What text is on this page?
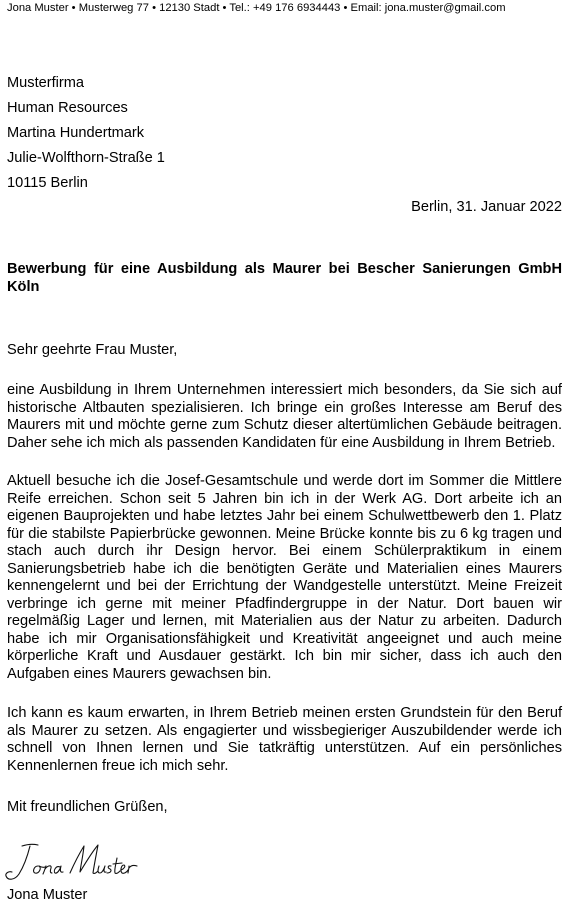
Jona Muster • Musterweg 77 • 12130 Stadt • Tel.: +49 176 6934443 • Email: jona.muster@gmail.com
Musterfirma
Human Resources
Martina Hundertmark
Julie-Wolfthorn-Straße 1
10115 Berlin
Berlin, 31. Januar 2022
Bewerbung für eine Ausbildung als Maurer bei Bescher Sanierungen GmbH Köln
Sehr geehrte Frau Muster,

eine Ausbildung in Ihrem Unternehmen interessiert mich besonders, da Sie sich auf historische Altbauten spezialisieren. Ich bringe ein großes Interesse am Beruf des Maurers mit und möchte gerne zum Schutz dieser altertümlichen Gebäude beitragen. Daher sehe ich mich als passenden Kandidaten für eine Ausbildung in Ihrem Betrieb.

Aktuell besuche ich die Josef-Gesamtschule und werde dort im Sommer die Mittlere Reife erreichen. Schon seit 5 Jahren bin ich in der Werk AG. Dort arbeite ich an eigenen Bauprojekten und habe letztes Jahr bei einem Schulwettbewerb den 1. Platz für die stabilste Papierbrücke gewonnen. Meine Brücke konnte bis zu 6 kg tragen und stach auch durch ihr Design hervor. Bei einem Schülerpraktikum in einem Sanierungsbetrieb habe ich die benötigten Geräte und Materialien eines Maurers kennengelernt und bei der Errichtung der Wandgestelle unterstützt. Meine Freizeit verbringe ich gerne mit meiner Pfadfindergruppe in der Natur. Dort bauen wir regelmäßig Lager und lernen, mit Materialien aus der Natur zu arbeiten. Dadurch habe ich mir Organisationsfähigkeit und Kreativität angeeignet und auch meine körperliche Kraft und Ausdauer gestärkt. Ich bin mir sicher, dass ich auch den Aufgaben eines Maurers gewachsen bin.

Ich kann es kaum erwarten, in Ihrem Betrieb meinen ersten Grundstein für den Beruf als Maurer zu setzen. Als engagierter und wissbegieriger Auszubildender werde ich schnell von Ihnen lernen und Sie tatkräftig unterstützen. Auf ein persönliches Kennenlernen freue ich mich sehr.

Mit freundlichen Grüßen,
Jona Muster
